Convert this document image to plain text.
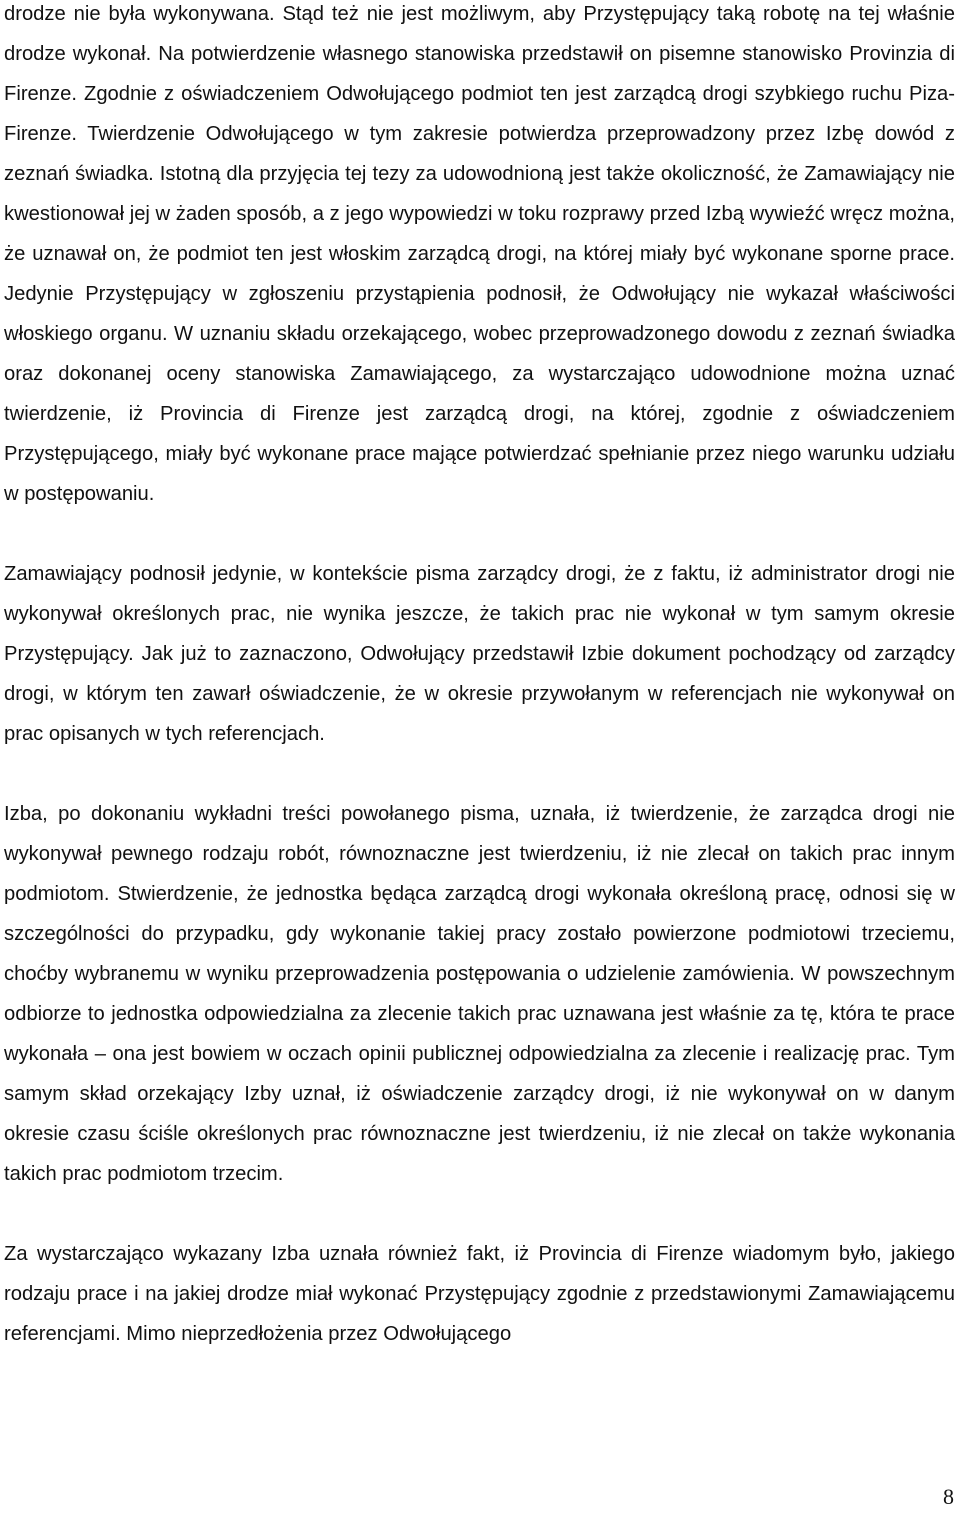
drodze nie była wykonywana. Stąd też nie jest możliwym, aby Przystępujący taką robotę na tej właśnie drodze wykonał. Na potwierdzenie własnego stanowiska przedstawił on pisemne stanowisko Provinzia di Firenze. Zgodnie z oświadczeniem Odwołującego podmiot ten jest zarządcą drogi szybkiego ruchu Piza-Firenze. Twierdzenie Odwołującego w tym zakresie potwierdza przeprowadzony przez Izbę dowód z zeznań świadka. Istotną dla przyjęcia tej tezy za udowodnioną jest także okoliczność, że Zamawiający nie kwestionował jej w żaden sposób, a z jego wypowiedzi w toku rozprawy przed Izbą wywieźć wręcz można, że uznawał on, że podmiot ten jest włoskim zarządcą drogi, na której miały być wykonane sporne prace. Jedynie Przystępujący w zgłoszeniu przystąpienia podnosił, że Odwołujący nie wykazał właściwości włoskiego organu. W uznaniu składu orzekającego, wobec przeprowadzonego dowodu z zeznań świadka oraz dokonanej oceny stanowiska Zamawiającego, za wystarczająco udowodnione można uznać twierdzenie, iż Provincia di Firenze jest zarządcą drogi, na której, zgodnie z oświadczeniem Przystępującego, miały być wykonane prace mające potwierdzać spełnianie przez niego warunku udziału w postępowaniu.

Zamawiający podnosił jedynie, w kontekście pisma zarządcy drogi, że z faktu, iż administrator drogi nie wykonywał określonych prac, nie wynika jeszcze, że takich prac nie wykonał w tym samym okresie Przystępujący. Jak już to zaznaczono, Odwołujący przedstawił Izbie dokument pochodzący od zarządcy drogi, w którym ten zawarł oświadczenie, że w okresie przywołanym w referencjach nie wykonywał on prac opisanych w tych referencjach.

Izba, po dokonaniu wykładni treści powołanego pisma, uznała, iż twierdzenie, że zarządca drogi nie wykonywał pewnego rodzaju robót, równoznaczne jest twierdzeniu, iż nie zlecał on takich prac innym podmiotom. Stwierdzenie, że jednostka będąca zarządcą drogi wykonała określoną pracę, odnosi się w szczególności do przypadku, gdy wykonanie takiej pracy zostało powierzone podmiotowi trzeciemu, choćby wybranemu w wyniku przeprowadzenia postępowania o udzielenie zamówienia. W powszechnym odbiorze to jednostka odpowiedzialna za zlecenie takich prac uznawana jest właśnie za tę, która te prace wykonała – ona jest bowiem w oczach opinii publicznej odpowiedzialna za zlecenie i realizację prac. Tym samym skład orzekający Izby uznał, iż oświadczenie zarządcy drogi, iż nie wykonywał on w danym okresie czasu ściśle określonych prac równoznaczne jest twierdzeniu, iż nie zlecał on także wykonania takich prac podmiotom trzecim.

Za wystarczająco wykazany Izba uznała również fakt, iż Provincia di Firenze wiadomym było, jakiego rodzaju prace i na jakiej drodze miał wykonać Przystępujący zgodnie z przedstawionymi Zamawiającemu referencjami. Mimo nieprzedłożenia przez Odwołującego

8
